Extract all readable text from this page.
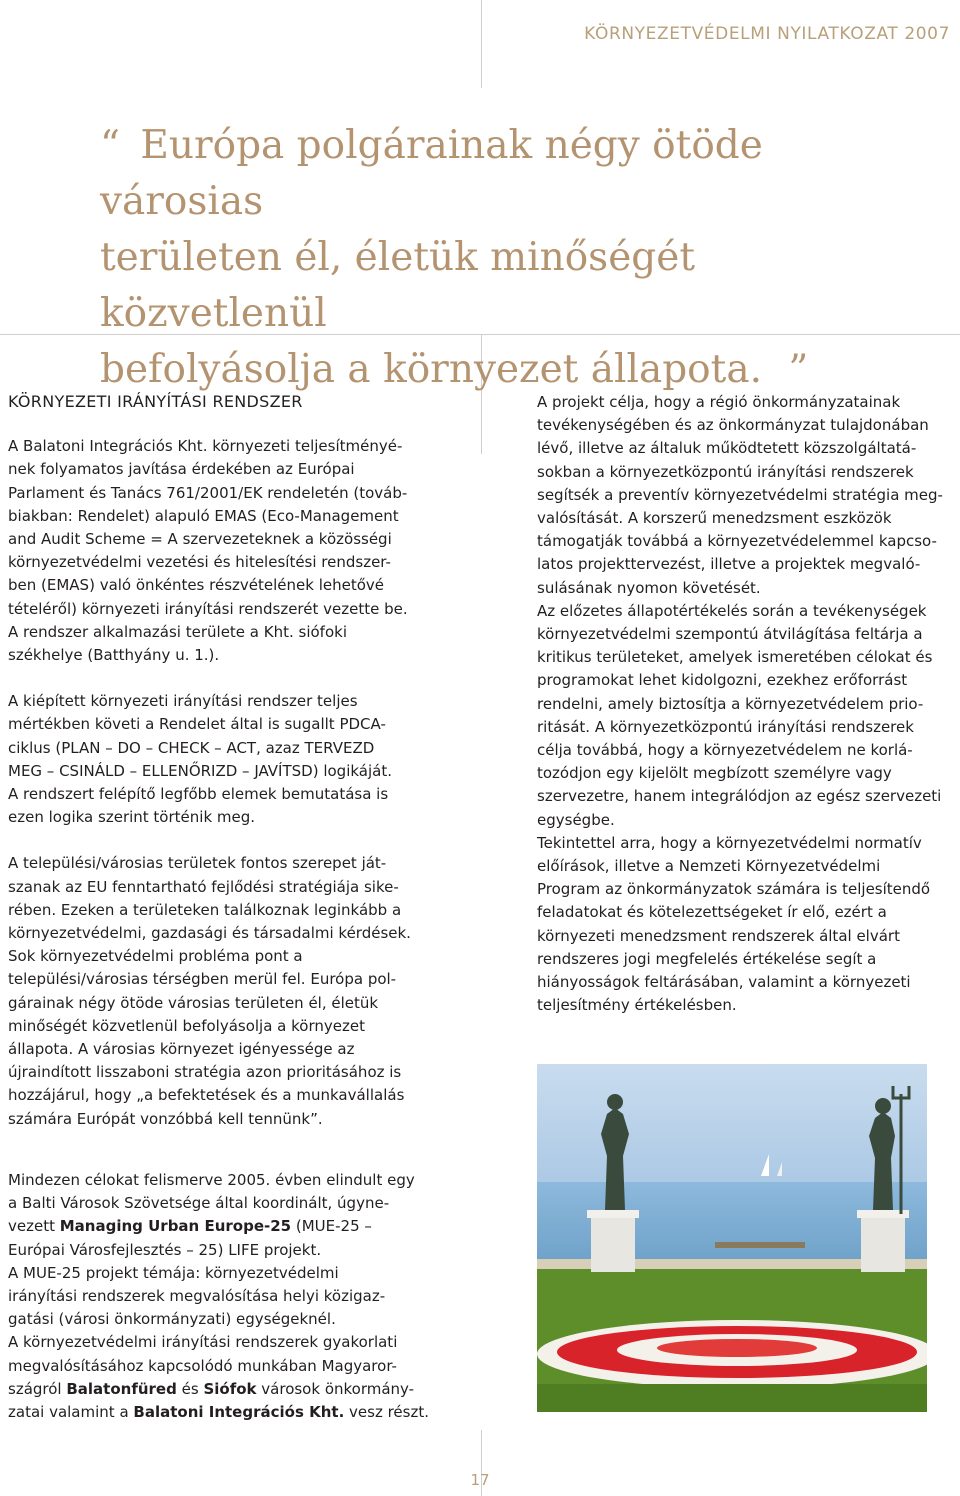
KÖRNYEZETVÉDELMI NYILATKOZAT 2007
“ Európa polgárainak négy ötöde városias
területen él, életük minőségét közvetlenül
befolyásolja a környezet állapota. ”
KÖRNYEZETI IRÁNYÍTÁSI RENDSZER

A Balatoni Integrációs Kht. környezeti teljesítményé-
nek folyamatos javítása érdekében az Európai
Parlament és Tanács 761/2001/EK rendeletén (továb-
biakban: Rendelet) alapuló EMAS (Eco-Management
and Audit Scheme = A szervezeteknek a közösségi
környezetvédelmi vezetési és hitelesítési rendszer-
ben (EMAS) való önkéntes részvételének lehetővé
tételéről) környezeti irányítási rendszerét vezette be.
A rendszer alkalmazási területe a Kht. siófoki
székhelye (Batthyány u. 1.).

A kiépített környezeti irányítási rendszer teljes
mértékben követi a Rendelet által is sugallt PDCA-
ciklus (PLAN – DO – CHECK – ACT, azaz TERVEZD
MEG – CSINÁLD – ELLENŐRIZD – JAVÍTSD) logikáját.
A rendszert felépítő legfőbb elemek bemutatása is
ezen logika szerint történik meg.

A települési/városias területek fontos szerepet ját-
szanak az EU fenntartható fejlődési stratégiája sike-
rében. Ezeken a területeken találkoznak leginkább a
környezetvédelmi, gazdasági és társadalmi kérdések.
Sok környezetvédelmi probléma pont a
települési/városias térségben merül fel. Európa pol-
gárainak négy ötöde városias területen él, életük
minőségét közvetlenül befolyásolja a környezet
állapota. A városias környezet igényessége az
újraindított lisszaboni stratégia azon prioritásához is
hozzájárul, hogy „a befektetések és a munkavállalás
számára Európát vonzóbbá kell tennünk”.

Mindezen célokat felismerve 2005. évben elindult egy
a Balti Városok Szövetsége által koordinált, úgyne-
vezett Managing Urban Europe-25 (MUE-25 –
Európai Városfejlesztés – 25) LIFE projekt.
A MUE-25 projekt témája: környezetvédelmi
irányítási rendszerek megvalósítása helyi közigaz-
gatási (városi önkormányzati) egységeknél.
A környezetvédelmi irányítási rendszerek gyakorlati
megvalósításához kapcsolódó munkában Magyaror-
szágról Balatonfüred és Siófok városok önkormány-
zatai valamint a Balatoni Integrációs Kht. vesz részt.
A projekt célja, hogy a régió önkormányzatainak
tevékenységében és az önkormányzat tulajdonában
lévő, illetve az általuk működtetett közszolgáltatá-
sokban a környezetközpontú irányítási rendszerek
segítsék a preventív környezetvédelmi stratégia meg-
valósítását. A korszerű menedzsment eszközök
támogatják továbbá a környezetvédelemmel kapcso-
latos projekttervezést, illetve a projektek megvaló-
sulásának nyomon követését.
Az előzetes állapotértékelés során a tevékenységek
környezetvédelmi szempontú átvilágítása feltárja a
kritikus területeket, amelyek ismeretében célokat és
programokat lehet kidolgozni, ezekhez erőforrást
rendelni, amely biztosítja a környezetvédelem prio-
ritását. A környezetközpontú irányítási rendszerek
célja továbbá, hogy a környezetvédelem ne korlá-
tozódjon egy kijelölt megbízott személyre vagy
szervezetre, hanem integrálódjon az egész szervezeti
egységbe.
Tekintettel arra, hogy a környezetvédelmi normatív
előírások, illetve a Nemzeti Környezetvédelmi
Program az önkormányzatok számára is teljesítendő
feladatokat és kötelezettségeket ír elő, ezért a
környezeti menedzsment rendszerek által elvárt
rendszeres jogi megfelelés értékelése segít a
hiányosságok feltárásában, valamint a környezeti
teljesítmény értékelésben.
17
